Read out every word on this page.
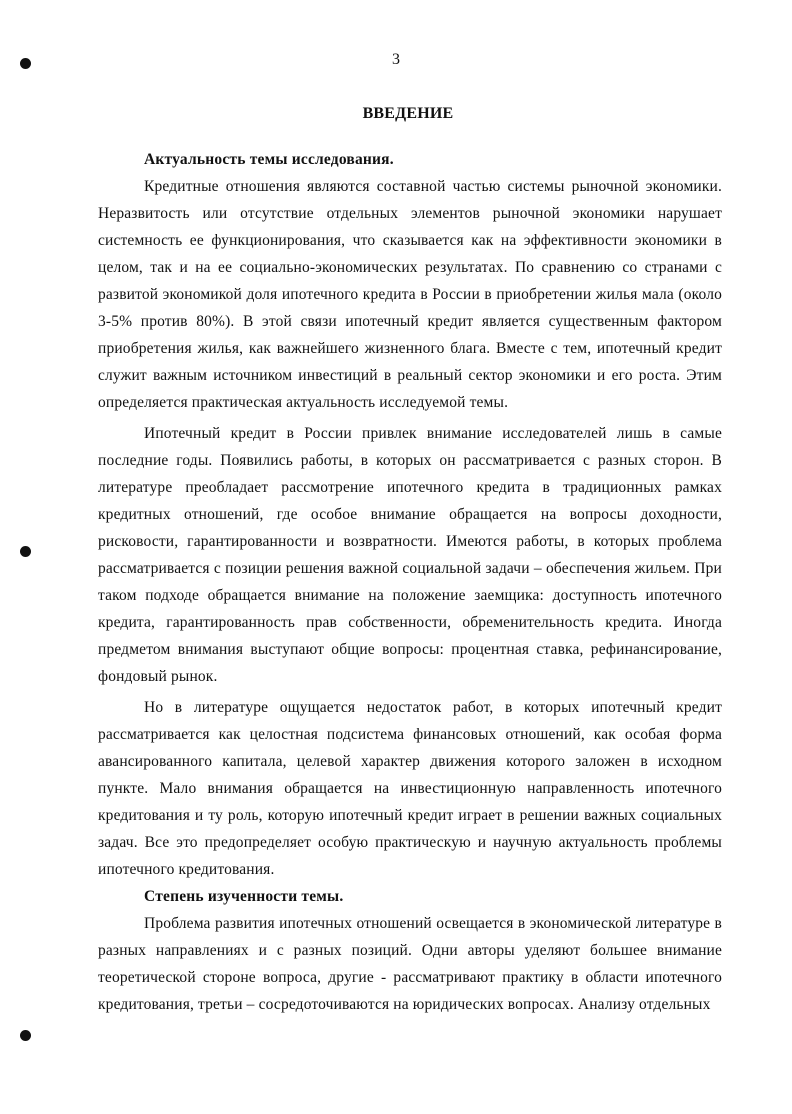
3
ВВЕДЕНИЕ
Актуальность темы исследования.

Кредитные отношения являются составной частью системы рыночной экономики. Неразвитость или отсутствие отдельных элементов рыночной экономики нарушает системность ее функционирования, что сказывается как на эффективности экономики в целом, так и на ее социально-экономических результатах. По сравнению со странами с развитой экономикой доля ипотечного кредита в России в приобретении жилья мала (около 3-5% против 80%). В этой связи ипотечный кредит является существенным фактором приобретения жилья, как важнейшего жизненного блага. Вместе с тем, ипотечный кредит служит важным источником инвестиций в реальный сектор экономики и его роста. Этим определяется практическая актуальность исследуемой темы.

Ипотечный кредит в России привлек внимание исследователей лишь в самые последние годы. Появились работы, в которых он рассматривается с разных сторон. В литературе преобладает рассмотрение ипотечного кредита в традиционных рамках кредитных отношений, где особое внимание обращается на вопросы доходности, рисковости, гарантированности и возвратности. Имеются работы, в которых проблема рассматривается с позиции решения важной социальной задачи – обеспечения жильем. При таком подходе обращается внимание на положение заемщика: доступность ипотечного кредита, гарантированность прав собственности, обременительность кредита. Иногда предметом внимания выступают общие вопросы: процентная ставка, рефинансирование, фондовый рынок.

Но в литературе ощущается недостаток работ, в которых ипотечный кредит рассматривается как целостная подсистема финансовых отношений, как особая форма авансированного капитала, целевой характер движения которого заложен в исходном пункте. Мало внимания обращается на инвестиционную направленность ипотечного кредитования и ту роль, которую ипотечный кредит играет в решении важных социальных задач. Все это предопределяет особую практическую и научную актуальность проблемы ипотечного кредитования.

Степень изученности темы.

Проблема развития ипотечных отношений освещается в экономической литературе в разных направлениях и с разных позиций. Одни авторы уделяют большее внимание теоретической стороне вопроса, другие - рассматривают практику в области ипотечного кредитования, третьи – сосредоточиваются на юридических вопросах. Анализу отдельных
